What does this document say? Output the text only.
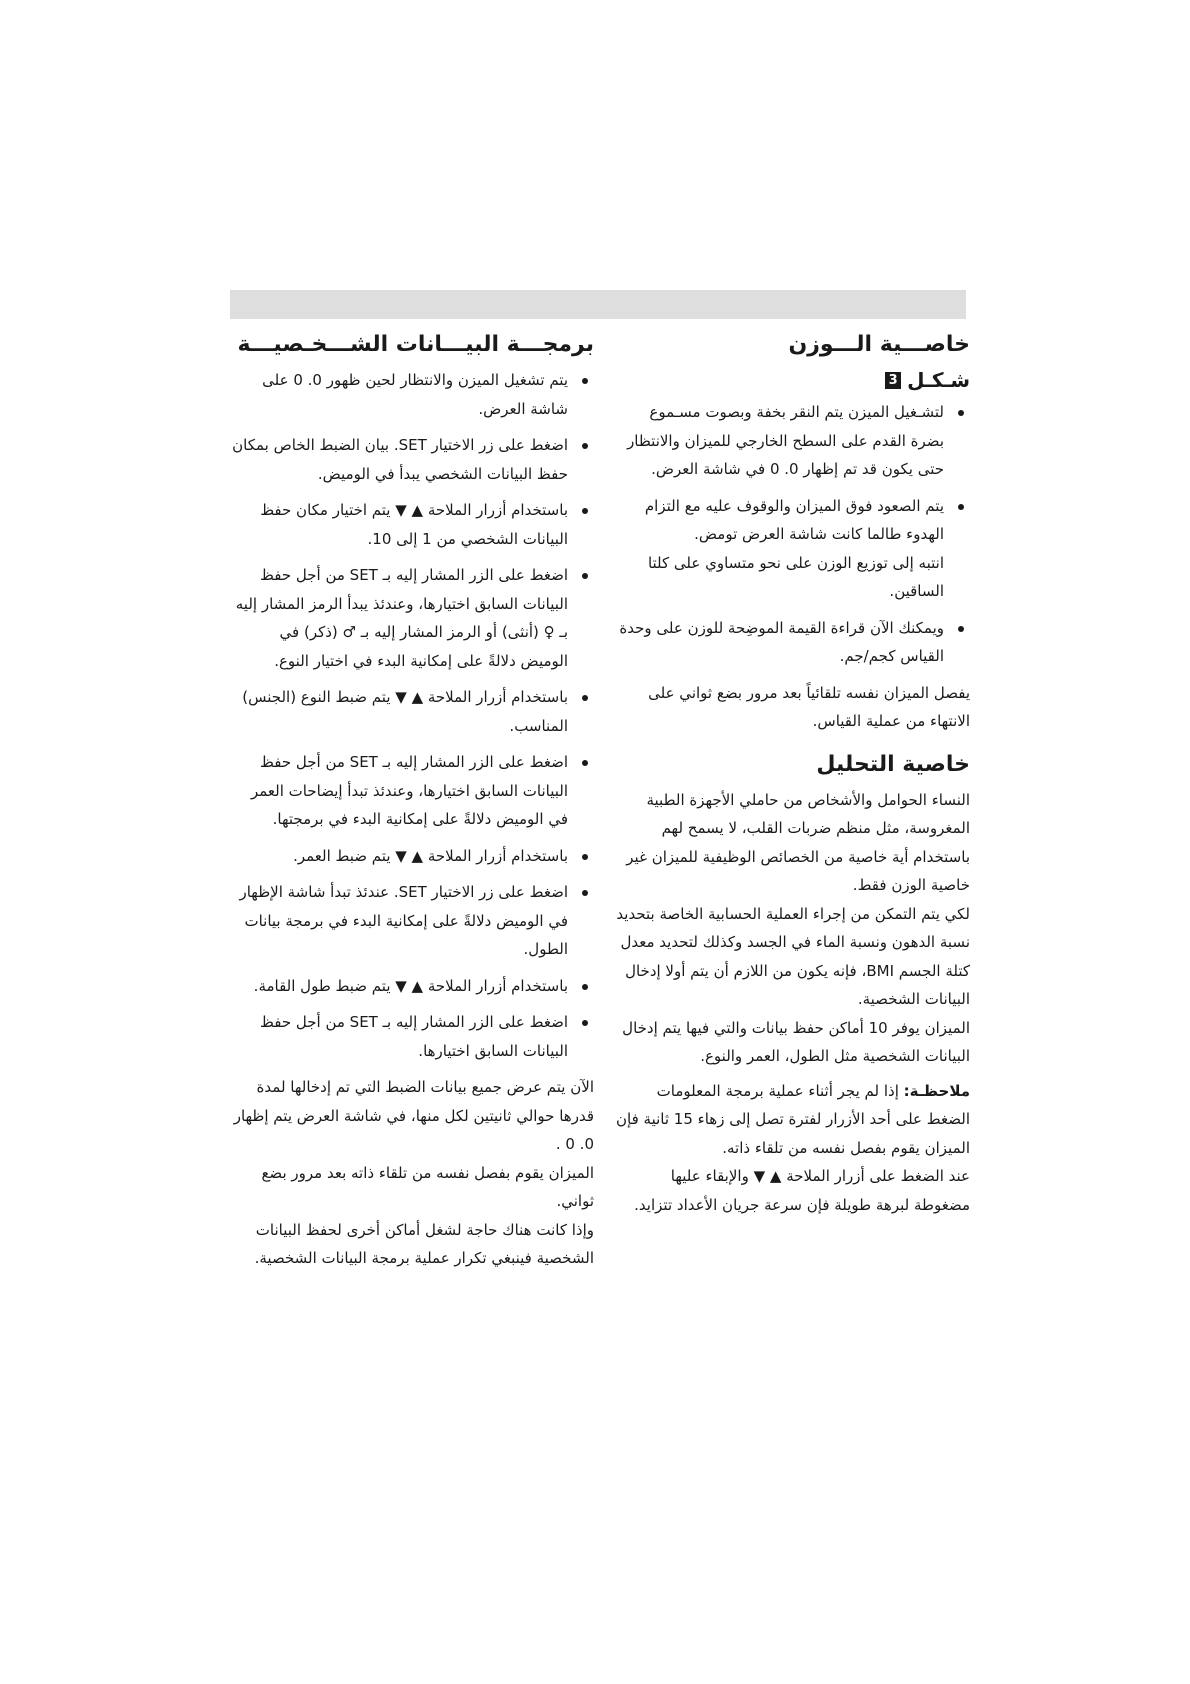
خاصـــية الـــوزن
شـكـل
3
لتشـغيل الميزن يتم النقر بخفة وبصوت مسـموع بضرة القدم على السطح الخارجي للميزان والانتظار حتى يكون قد تم إظهار 0. 0 في شاشة العرض.
يتم الصعود فوق الميزان والوقوف عليه مع التزام الهدوء طالما كانت شاشة العرض تومض.
انتبه إلى توزيع الوزن على نحو متساوي على كلتا الساقين.
ويمكنك الآن قراءة القيمة الموضِحة للوزن على وحدة القياس كجم/جم.

يفصل الميزان نفسه تلقائياً بعد مرور بضع ثواني على الانتهاء من عملية القياس.

خاصية التحليل

النساء الحوامل والأشخاص من حاملي الأجهزة الطبية المغروسة، مثل منظم ضربات القلب، لا يسمح لهم باستخدام أية خاصية من الخصائص الوظيفية للميزان غير خاصية الوزن فقط.

لكي يتم التمكن من إجراء العملية الحسابية الخاصة بتحديد نسبة الدهون ونسبة الماء في الجسد وكذلك لتحديد معدل كتلة الجسم BMI، فإنه يكون من اللازم أن يتم أولا إدخال البيانات الشخصية.

الميزان يوفر 10 أماكن حفظ بيانات والتي فيها يتم إدخال البيانات الشخصية مثل الطول، العمر والنوع.

ملاحظـة: إذا لم يجر أثناء عملية برمجة المعلومات الضغط على أحد الأزرار لفترة تصل إلى زهاء 15 ثانية فإن الميزان يقوم بفصل نفسه من تلقاء ذاته.

عند الضغط على أزرار الملاحة ▲ ▼ والإبقاء عليها مضغوطة لبرهة طويلة فإن سرعة جريان الأعداد تتزايد.

برمجـــة البيـــانات الشـــخـصيـــة
يتم تشغيل الميزن والانتظار لحين ظهور 0. 0 على شاشة العرض.
اضغط على زر الاختيار SET. بيان الضبط الخاص بمكان حفظ البيانات الشخصي يبدأ في الوميض.
باستخدام أزرار الملاحة ▲ ▼ يتم اختيار مكان حفظ البيانات الشخصي من 1 إلى 10.
اضغط على الزر المشار إليه بـ SET من أجل حفظ البيانات السابق اختيارها، وعندئذ يبدأ الرمز المشار إليه بـ ♀ (أنثى) أو الرمز المشار إليه بـ ♂ (ذكر) في الوميض دلالةً على إمكانية البدء في اختيار النوع.
باستخدام أزرار الملاحة ▲ ▼ يتم ضبط النوع (الجنس) المناسب.
اضغط على الزر المشار إليه بـ SET من أجل حفظ البيانات السابق اختيارها، وعندئذ تبدأ إيضاحات العمر في الوميض دلالةً على إمكانية البدء في برمجتها.
باستخدام أزرار الملاحة ▲ ▼ يتم ضبط العمر.
اضغط على زر الاختيار SET. عندئذ تبدأ شاشة الإظهار في الوميض دلالةً على إمكانية البدء في برمجة بيانات الطول.
باستخدام أزرار الملاحة ▲ ▼ يتم ضبط طول القامة.
اضغط على الزر المشار إليه بـ SET من أجل حفظ البيانات السابق اختيارها.

الآن يتم عرض جميع بيانات الضبط التي تم إدخالها لمدة قدرها حوالي ثانيتين لكل منها، في شاشة العرض يتم إظهار 0. 0 .

الميزان يقوم بفصل نفسه من تلقاء ذاته بعد مرور بضع ثواني.

وإذا كانت هناك حاجة لشغل أماكن أخرى لحفظ البيانات الشخصية فينبغي تكرار عملية برمجة البيانات الشخصية.
